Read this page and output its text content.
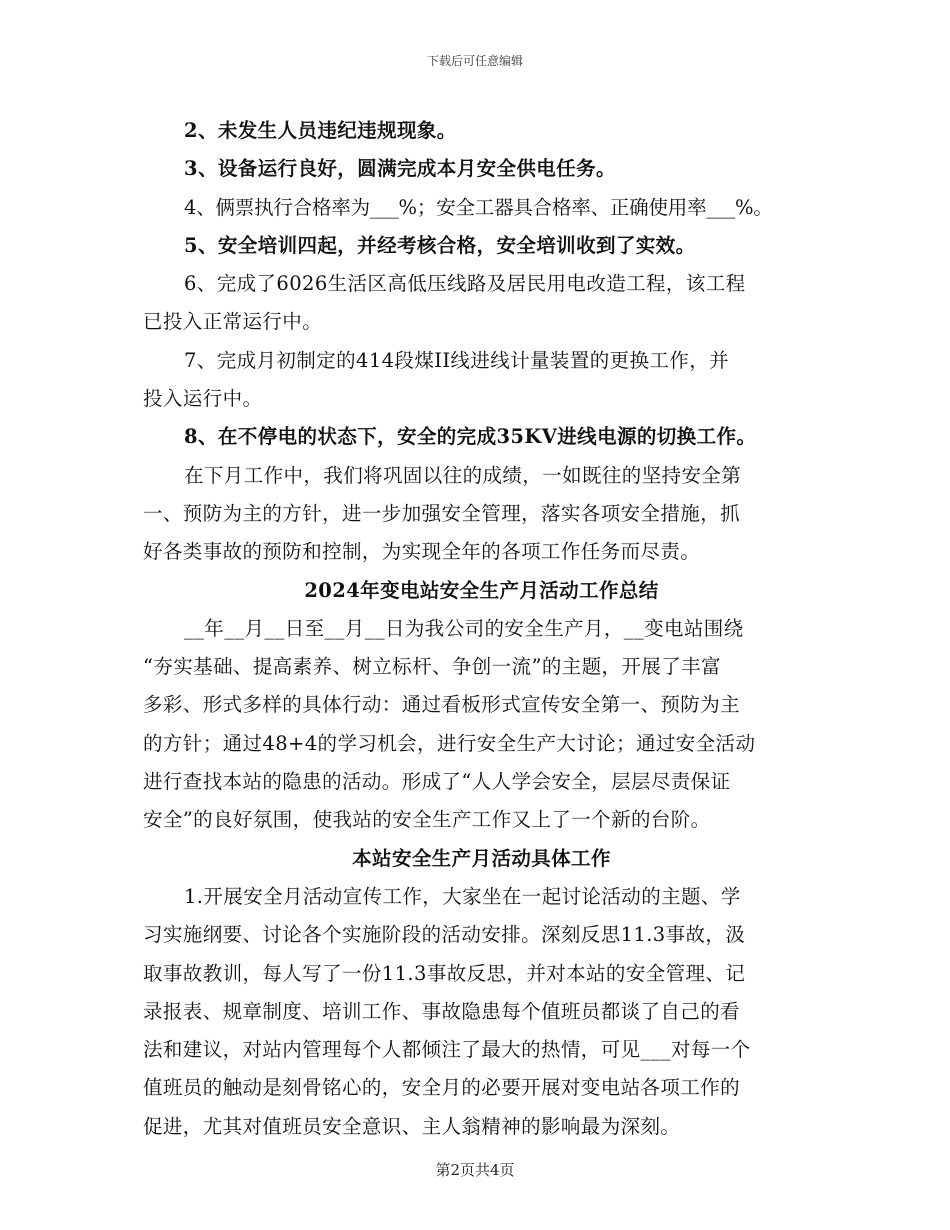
下载后可任意编辑
2、未发生人员违纪违规现象。
3、设备运行良好，圆满完成本月安全供电任务。
4、俩票执行合格率为___%；安全工器具合格率、正确使用率___%。
5、安全培训四起，并经考核合格，安全培训收到了实效。
6、完成了6026生活区高低压线路及居民用电改造工程，该工程
已投入正常运行中。
7、完成月初制定的414段煤II线进线计量装置的更换工作，并
投入运行中。
8、在不停电的状态下，安全的完成35KV进线电源的切换工作。
在下月工作中，我们将巩固以往的成绩，一如既往的坚持安全第
一、预防为主的方针，进一步加强安全管理，落实各项安全措施，抓
好各类事故的预防和控制，为实现全年的各项工作任务而尽责。
2024年变电站安全生产月活动工作总结
__年__月__日至__月__日为我公司的安全生产月，__变电站围绕
“夯实基础、提高素养、树立标杆、争创一流”的主题，开展了丰富
多彩、形式多样的具体行动：通过看板形式宣传安全第一、预防为主
的方针；通过48+4的学习机会，进行安全生产大讨论；通过安全活动
进行查找本站的隐患的活动。形成了“人人学会安全，层层尽责保证
安全”的良好氛围，使我站的安全生产工作又上了一个新的台阶。
本站安全生产月活动具体工作
1.开展安全月活动宣传工作，大家坐在一起讨论活动的主题、学
习实施纲要、讨论各个实施阶段的活动安排。深刻反思11.3事故，汲
取事故教训，每人写了一份11.3事故反思，并对本站的安全管理、记
录报表、规章制度、培训工作、事故隐患每个值班员都谈了自己的看
法和建议，对站内管理每个人都倾注了最大的热情，可见___对每一个
值班员的触动是刻骨铭心的，安全月的必要开展对变电站各项工作的
促进，尤其对值班员安全意识、主人翁精神的影响最为深刻。
第2页共4页
